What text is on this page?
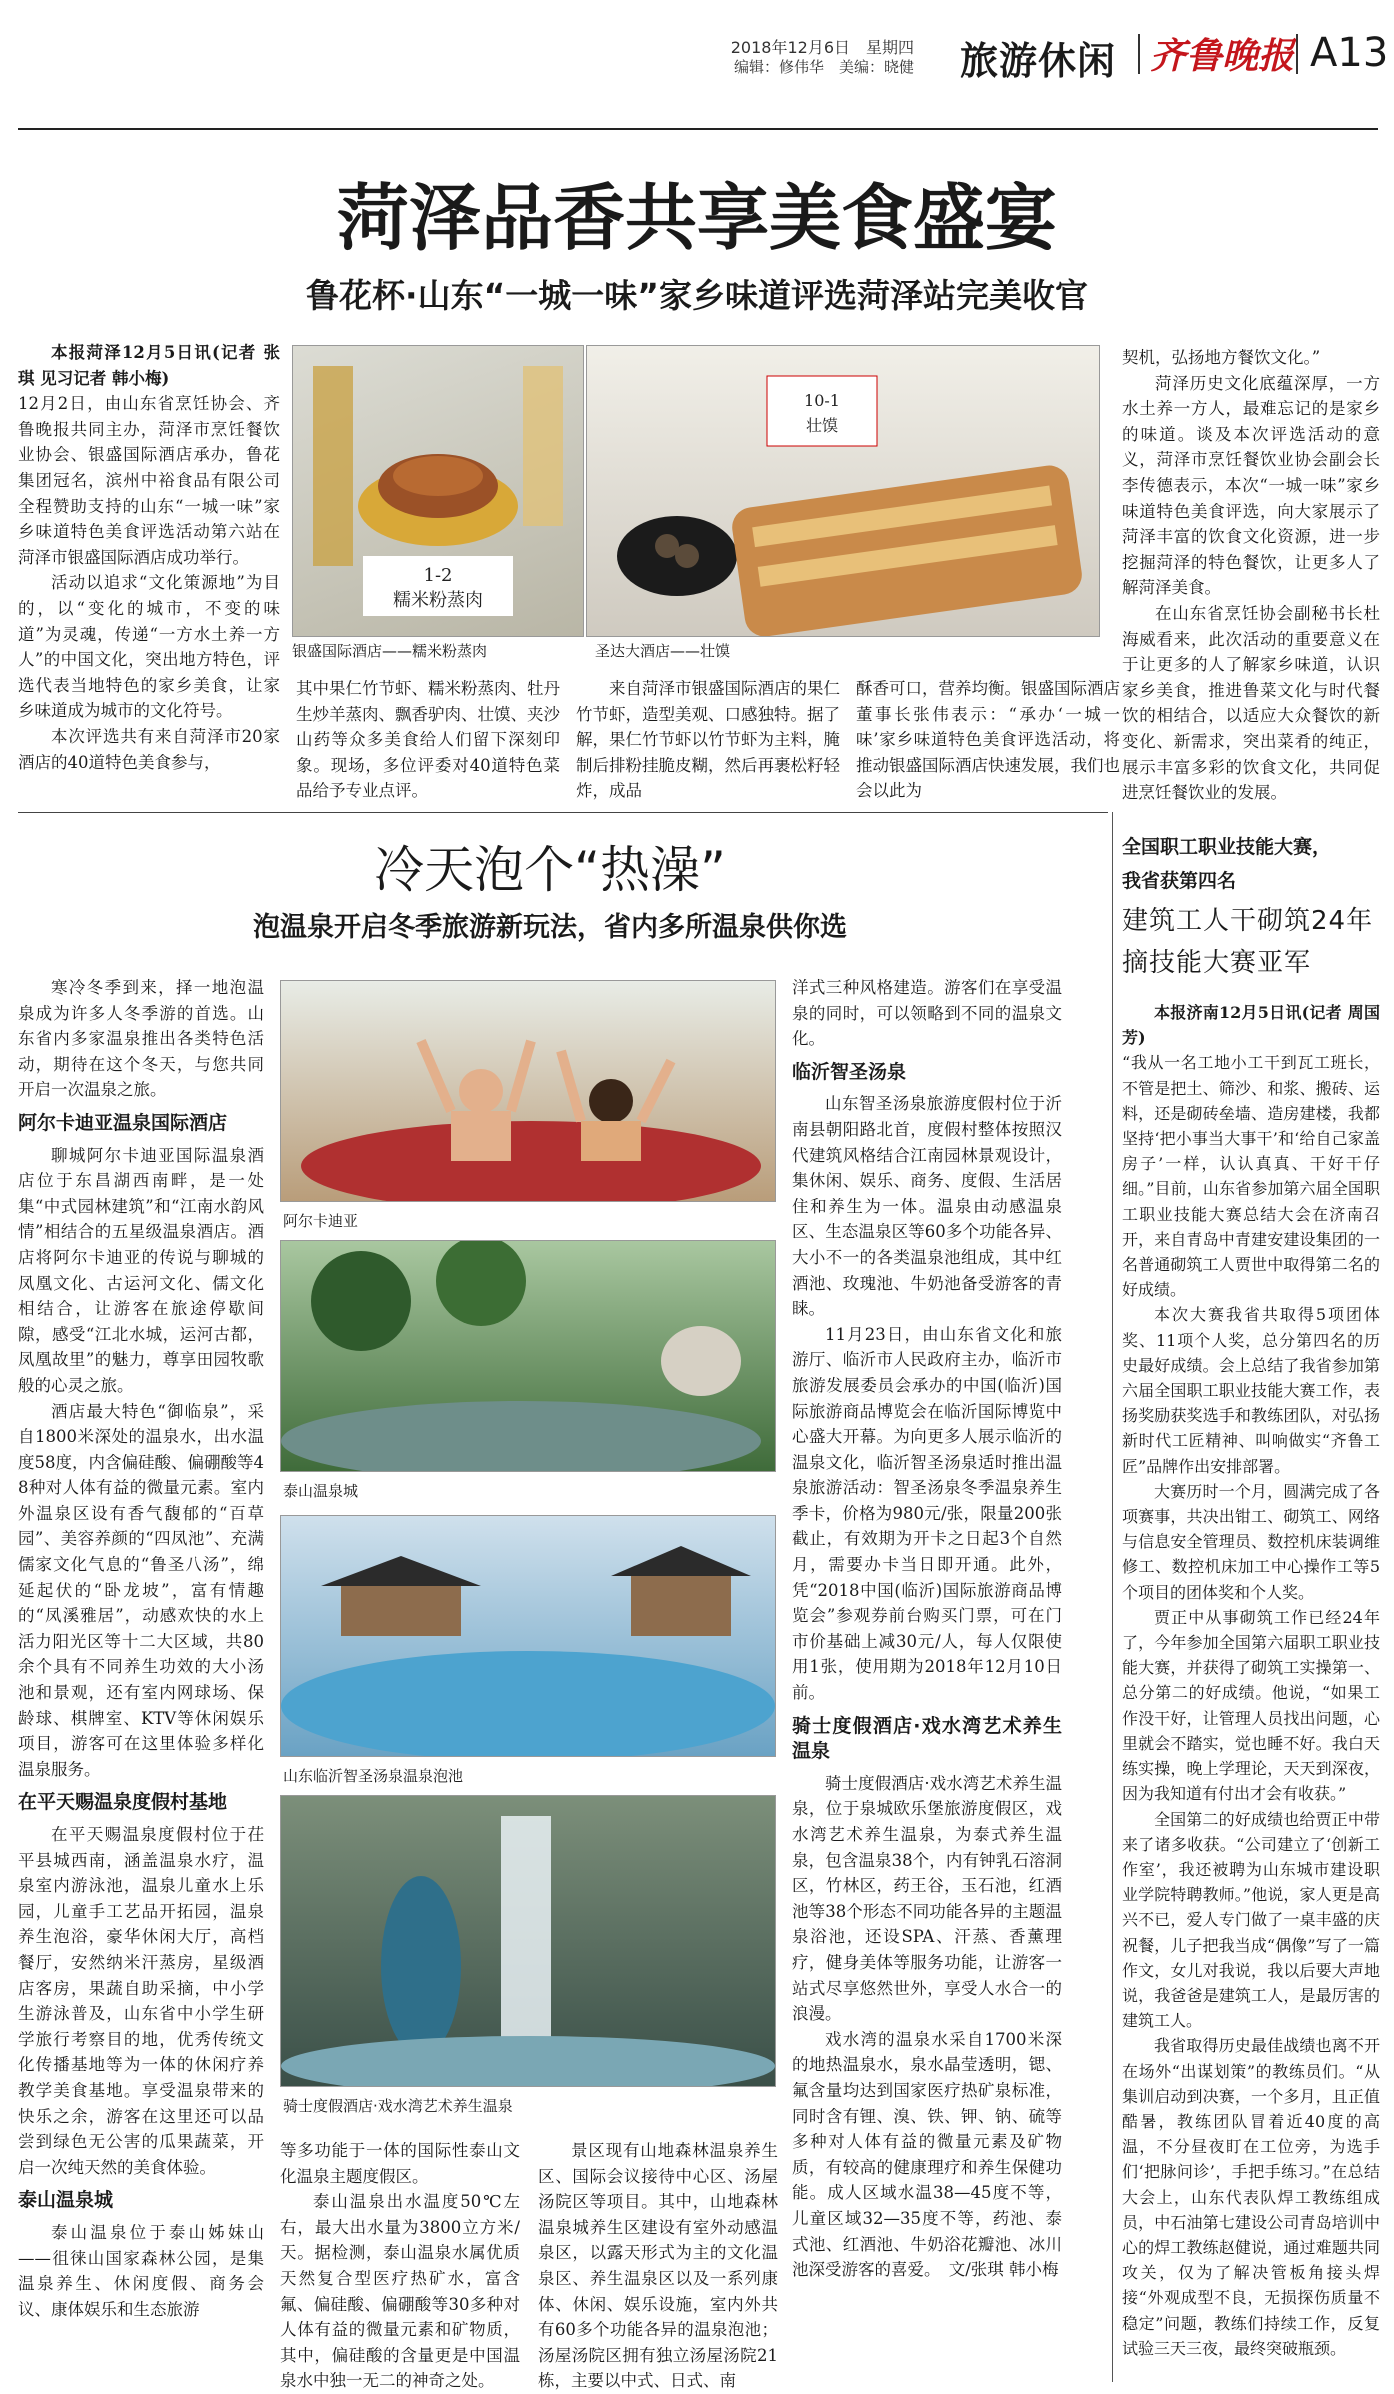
2018年12月6日　星期四
编辑：修伟华　美编：晓健 旅游休闲 齐鲁晚报 A13
菏泽品香共享美食盛宴
鲁花杯·山东“一城一味”家乡味道评选菏泽站完美收官

本报菏泽12月5日讯(记者 张琪 见习记者 韩小梅)

12月2日，由山东省烹饪协会、齐鲁晚报共同主办，菏泽市烹饪餐饮业协会、银盛国际酒店承办，鲁花集团冠名，滨州中裕食品有限公司全程赞助支持的山东“一城一味”家乡味道特色美食评选活动第六站在菏泽市银盛国际酒店成功举行。

活动以追求“文化策源地”为目的，以“变化的城市，不变的味道”为灵魂，传递“一方水土养一方人”的中国文化，突出地方特色，评选代表当地特色的家乡美食，让家乡味道成为城市的文化符号。

本次评选共有来自菏泽市20家酒店的40道特色美食参与，

1-2
糯米粉蒸肉
银盛国际酒店——糯米粉蒸肉
10-1
壮馍
圣达大酒店——壮馍

其中果仁竹节虾、糯米粉蒸肉、牡丹生炒羊蒸肉、飘香驴肉、壮馍、夹沙山药等众多美食给人们留下深刻印象。现场，多位评委对40道特色菜品给予专业点评。

来自菏泽市银盛国际酒店的果仁竹节虾，造型美观、口感独特。据了解，果仁竹节虾以竹节虾为主料，腌制后排粉挂脆皮糊，然后再裹松籽轻炸，成品

酥香可口，营养均衡。银盛国际酒店董事长张伟表示：“承办‘一城一味’家乡味道特色美食评选活动，将推动银盛国际酒店快速发展，我们也会以此为

契机，弘扬地方餐饮文化。”

菏泽历史文化底蕴深厚，一方水土养一方人，最难忘记的是家乡的味道。谈及本次评选活动的意义，菏泽市烹饪餐饮业协会副会长李传德表示，本次“一城一味”家乡味道特色美食评选，向大家展示了菏泽丰富的饮食文化资源，进一步挖掘菏泽的特色餐饮，让更多人了解菏泽美食。

在山东省烹饪协会副秘书长杜海威看来，此次活动的重要意义在于让更多的人了解家乡味道，认识家乡美食，推进鲁菜文化与时代餐饮的相结合，以适应大众餐饮的新变化、新需求，突出菜肴的纯正，展示丰富多彩的饮食文化，共同促进烹饪餐饮业的发展。

冷天泡个“热澡”
泡温泉开启冬季旅游新玩法，省内多所温泉供你选

寒冷冬季到来，择一地泡温泉成为许多人冬季游的首选。山东省内多家温泉推出各类特色活动，期待在这个冬天，与您共同开启一次温泉之旅。

阿尔卡迪亚温泉国际酒店

聊城阿尔卡迪亚国际温泉酒店位于东昌湖西南畔，是一处集“中式园林建筑”和“江南水韵风情”相结合的五星级温泉酒店。酒店将阿尔卡迪亚的传说与聊城的凤凰文化、古运河文化、儒文化相结合，让游客在旅途停歇间隙，感受“江北水城，运河古都，凤凰故里”的魅力，尊享田园牧歌般的心灵之旅。

酒店最大特色“御临泉”，采自1800米深处的温泉水，出水温度58度，内含偏硅酸、偏硼酸等48种对人体有益的微量元素。室内外温泉区设有香气馥郁的“百草园”、美容养颜的“四凤池”、充满儒家文化气息的“鲁圣八汤”，绵延起伏的“卧龙坡”，富有情趣的“凤溪雅居”，动感欢快的水上活力阳光区等十二大区域，共80余个具有不同养生功效的大小汤池和景观，还有室内网球场、保龄球、棋牌室、KTV等休闲娱乐项目，游客可在这里体验多样化温泉服务。

在平天赐温泉度假村基地

在平天赐温泉度假村位于茌平县城西南，涵盖温泉水疗，温泉室内游泳池，温泉儿童水上乐园，儿童手工艺品开拓园，温泉养生泡浴，豪华休闲大厅，高档餐厅，安然纳米汗蒸房，星级酒店客房，果蔬自助采摘，中小学生游泳普及，山东省中小学生研学旅行考察目的地，优秀传统文化传播基地等为一体的休闲疗养教学美食基地。享受温泉带来的快乐之余，游客在这里还可以品尝到绿色无公害的瓜果蔬菜，开启一次纯天然的美食体验。

泰山温泉城

泰山温泉位于泰山姊妹山——徂徕山国家森林公园，是集温泉养生、休闲度假、商务会议、康体娱乐和生态旅游

阿尔卡迪亚
泰山温泉城
山东临沂智圣汤泉温泉泡池
骑士度假酒店·戏水湾艺术养生温泉

等多功能于一体的国际性泰山文化温泉主题度假区。

泰山温泉出水温度50℃左右，最大出水量为3800立方米/天。据检测，泰山温泉水属优质天然复合型医疗热矿水，富含氟、偏硅酸、偏硼酸等30多种对人体有益的微量元素和矿物质，其中，偏硅酸的含量更是中国温泉水中独一无二的神奇之处。

景区现有山地森林温泉养生区、国际会议接待中心区、汤屋汤院区等项目。其中，山地森林温泉城养生区建设有室外动感温泉区，以露天形式为主的文化温泉区、养生温泉区以及一系列康体、休闲、娱乐设施，室内外共有60多个功能各异的温泉泡池；汤屋汤院区拥有独立汤屋汤院21栋，主要以中式、日式、南

洋式三种风格建造。游客们在享受温泉的同时，可以领略到不同的温泉文化。

临沂智圣汤泉

山东智圣汤泉旅游度假村位于沂南县朝阳路北首，度假村整体按照汉代建筑风格结合江南园林景观设计，集休闲、娱乐、商务、度假、生活居住和养生为一体。温泉由动感温泉区、生态温泉区等60多个功能各异、大小不一的各类温泉池组成，其中红酒池、玫瑰池、牛奶池备受游客的青睐。

11月23日，由山东省文化和旅游厅、临沂市人民政府主办，临沂市旅游发展委员会承办的中国(临沂)国际旅游商品博览会在临沂国际博览中心盛大开幕。为向更多人展示临沂的温泉文化，临沂智圣汤泉适时推出温泉旅游活动：智圣汤泉冬季温泉养生季卡，价格为980元/张，限量200张截止，有效期为开卡之日起3个自然月，需要办卡当日即开通。此外，凭“2018中国(临沂)国际旅游商品博览会”参观券前台购买门票，可在门市价基础上减30元/人，每人仅限使用1张，使用期为2018年12月10日前。

骑士度假酒店·戏水湾艺术养生温泉

骑士度假酒店·戏水湾艺术养生温泉，位于泉城欧乐堡旅游度假区，戏水湾艺术养生温泉，为泰式养生温泉，包含温泉38个，内有钟乳石溶洞区，竹林区，药王谷，玉石池，红酒池等38个形态不同功能各异的主题温泉浴池，还设SPA、汗蒸、香薰理疗，健身美体等服务功能，让游客一站式尽享悠然世外，享受人水合一的浪漫。

戏水湾的温泉水采自1700米深的地热温泉水，泉水晶莹透明，锶、氟含量均达到国家医疗热矿泉标准，同时含有锂、溴、铁、钾、钠、硫等多种对人体有益的微量元素及矿物质，有较高的健康理疗和养生保健功能。成人区域水温38—45度不等，儿童区域32—35度不等，药池、泰式池、红酒池、牛奶浴花瓣池、冰川池深受游客的喜爱。　文/张琪 韩小梅

全国职工职业技能大赛，
我省获第四名
建筑工人干砌筑24年
摘技能大赛亚军

本报济南12月5日讯(记者 周国芳)

“我从一名工地小工干到瓦工班长，不管是把土、筛沙、和浆、搬砖、运料，还是砌砖垒墙、造房建楼，我都坚持‘把小事当大事干’和‘给自己家盖房子’一样，认认真真、干好干仔细。”目前，山东省参加第六届全国职工职业技能大赛总结大会在济南召开，来自青岛中青建安建设集团的一名普通砌筑工人贾世中取得第二名的好成绩。

本次大赛我省共取得5项团体奖、11项个人奖，总分第四名的历史最好成绩。会上总结了我省参加第六届全国职工职业技能大赛工作，表扬奖励获奖选手和教练团队，对弘扬新时代工匠精神、叫响做实“齐鲁工匠”品牌作出安排部署。

大赛历时一个月，圆满完成了各项赛事，共决出钳工、砌筑工、网络与信息安全管理员、数控机床装调维修工、数控机床加工中心操作工等5个项目的团体奖和个人奖。

贾正中从事砌筑工作已经24年了，今年参加全国第六届职工职业技能大赛，并获得了砌筑工实操第一、总分第二的好成绩。他说，“如果工作没干好，让管理人员找出问题，心里就会不踏实，觉也睡不好。我白天练实操，晚上学理论，天天到深夜，因为我知道有付出才会有收获。”

全国第二的好成绩也给贾正中带来了诸多收获。“公司建立了‘创新工作室’，我还被聘为山东城市建设职业学院特聘教师。”他说，家人更是高兴不已，爱人专门做了一桌丰盛的庆祝餐，儿子把我当成“偶像”写了一篇作文，女儿对我说，我以后要大声地说，我爸爸是建筑工人，是最厉害的建筑工人。

我省取得历史最佳战绩也离不开在场外“出谋划策”的教练员们。“从集训启动到决赛，一个多月，且正值酷暑，教练团队冒着近40度的高温，不分昼夜盯在工位旁，为选手们‘把脉问诊’，手把手练习。”在总结大会上，山东代表队焊工教练组成员，中石油第七建设公司青岛培训中心的焊工教练赵健说，通过难题共同攻关，仅为了解决管板角接头焊接“外观成型不良，无损探伤质量不稳定”问题，教练们持续工作，反复试验三天三夜，最终突破瓶颈。
